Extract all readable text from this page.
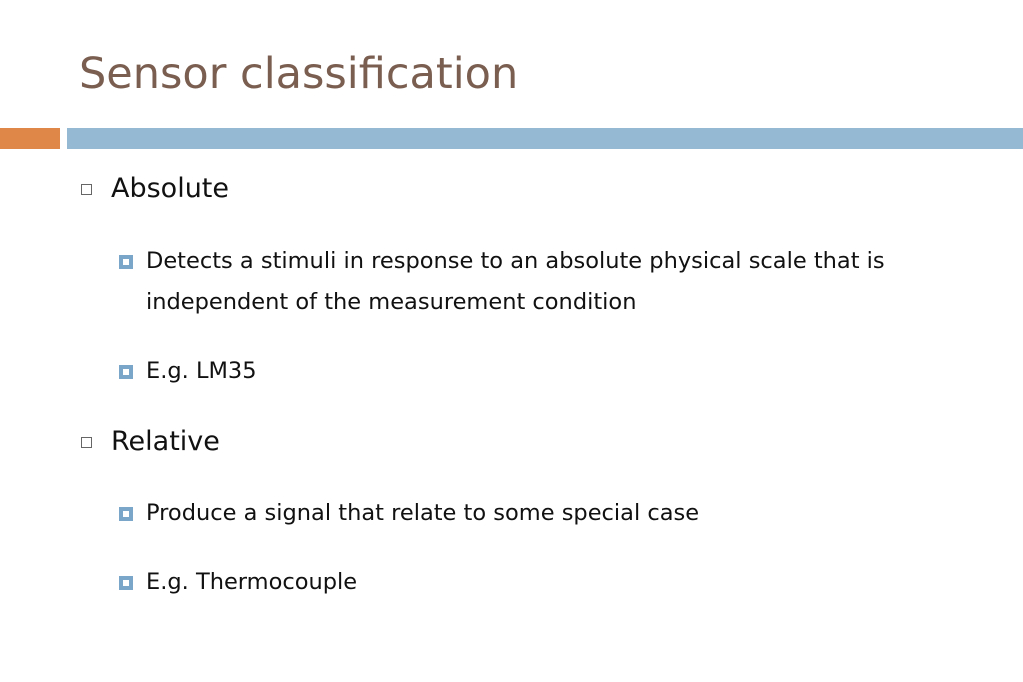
Sensor classification
Absolute
Detects a stimuli in response to an absolute physical scale that is independent of the measurement condition
E.g. LM35
Relative
Produce a signal that relate to some special case
E.g. Thermocouple
